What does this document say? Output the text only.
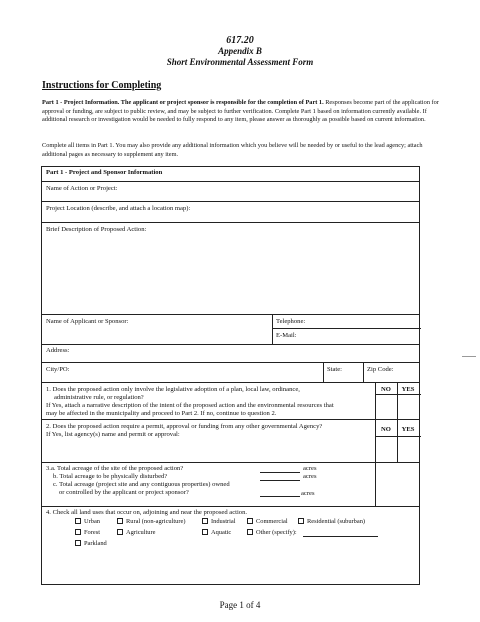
617.20
Appendix B
Short Environmental Assessment Form
Instructions for Completing
Part 1 - Project Information. The applicant or project sponsor is responsible for the completion of Part 1. Responses become part of the application for approval or funding, are subject to public review, and may be subject to further verification. Complete Part 1 based on information currently available. If additional research or investigation would be needed to fully respond to any item, please answer as thoroughly as possible based on current information.
Complete all items in Part 1. You may also provide any additional information which you believe will be needed by or useful to the lead agency; attach additional pages as necessary to supplement any item.
Part 1 - Project and Sponsor Information
Name of Action or Project:
Project Location (describe, and attach a location map):
Brief Description of Proposed Action:
Name of Applicant or Sponsor:	Telephone:
E-Mail:
Address:
City/PO:	State:	Zip Code:
1. Does the proposed action only involve the legislative adoption of a plan, local law, ordinance,
administrative rule, or regulation?
If Yes, attach a narrative description of the intent of the proposed action and the environmental resources that
may be affected in the municipality and proceed to Part 2. If no, continue to question 2.
NO	YES
2. Does the proposed action require a permit, approval or funding from any other governmental Agency?
If Yes, list agency(s) name and permit or approval:
NO	YES
3.a. Total acreage of the site of the proposed action?	acres
b. Total acreage to be physically disturbed?	acres
c. Total acreage (project site and any contiguous properties) owned
or controlled by the applicant or project sponsor?	acres
4. Check all land uses that occur on, adjoining and near the proposed action.
Urban	Rural (non-agriculture)	Industrial	Commercial	Residential (suburban)
Forest	Agriculture	Aquatic	Other (specify):
Parkland
Page 1 of 4
